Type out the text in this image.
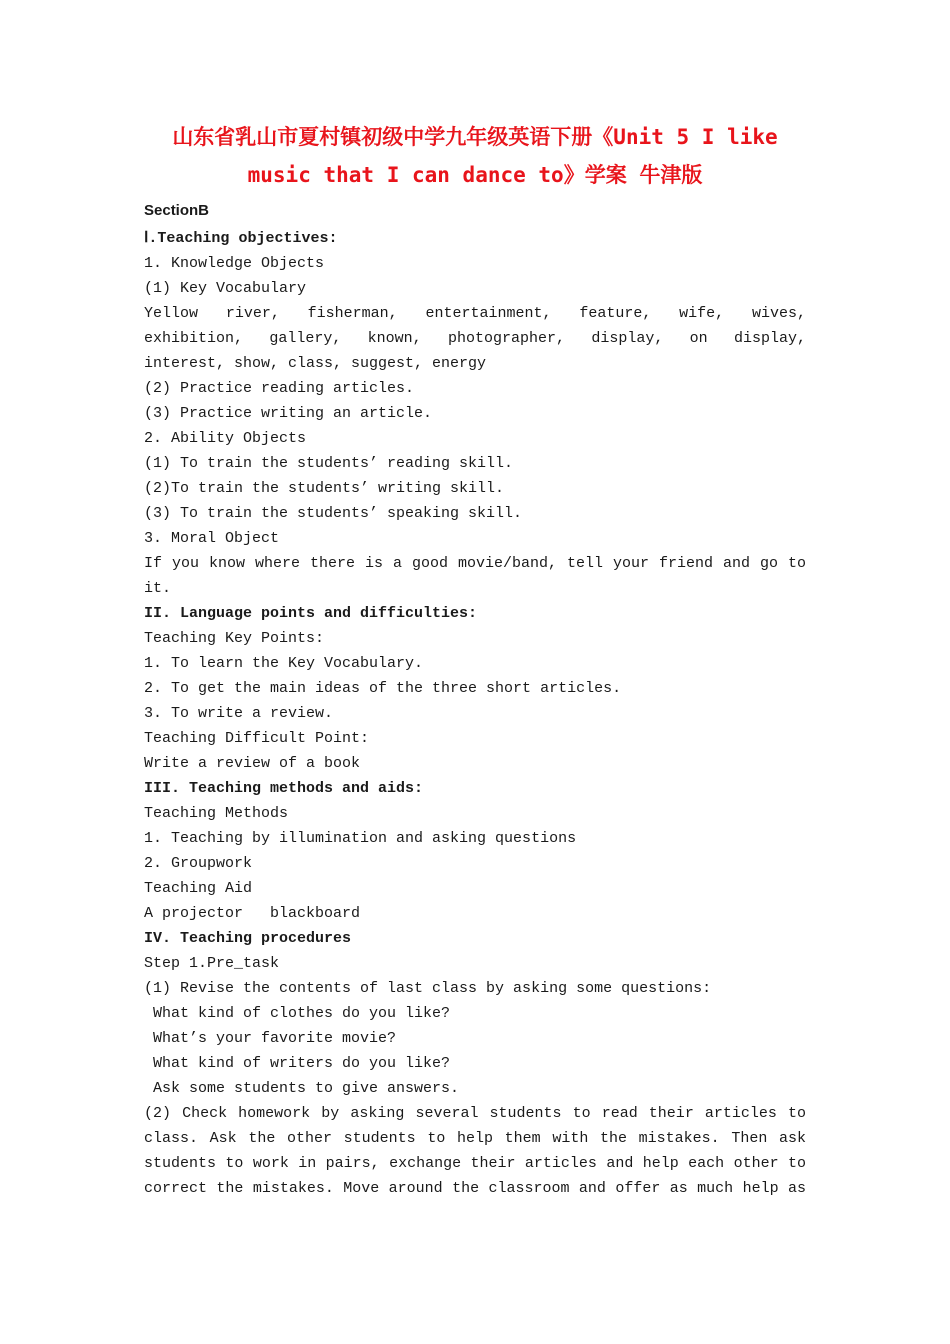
山东省乳山市夏村镇初级中学九年级英语下册《Unit 5 I like
music that I can dance to》学案 牛津版
SectionB
Ⅰ.Teaching objectives:
1. Knowledge Objects
(1) Key Vocabulary
Yellow river, fisherman, entertainment, feature, wife, wives,
exhibition, gallery, known, photographer, display, on display,
interest, show, class, suggest, energy
(2) Practice reading articles.
(3) Practice writing an article.
2. Ability Objects
(1) To train the students’ reading skill.
(2)To train the students’ writing skill.
(3) To train the students’ speaking skill.
3. Moral Object
If you know where there is a good movie/band, tell your friend and go to
it.
II. Language points and difficulties:
Teaching Key Points:
1. To learn the Key Vocabulary.
2. To get the main ideas of the three short articles.
3. To write a review.
Teaching Difficult Point:
Write a review of a book
III. Teaching methods and aids:
Teaching Methods
1. Teaching by illumination and asking questions
2. Groupwork
Teaching Aid
A projector   blackboard
IV. Teaching procedures
Step 1.Pre_task
(1) Revise the contents of last class by asking some questions:
What kind of clothes do you like?
What’s your favorite movie?
What kind of writers do you like?
Ask some students to give answers.
(2) Check homework by asking several students to read their articles to
class. Ask the other students to help them with the mistakes. Then ask
students to work in pairs, exchange their articles and help each other to
correct the mistakes. Move around the classroom and offer as much help as
